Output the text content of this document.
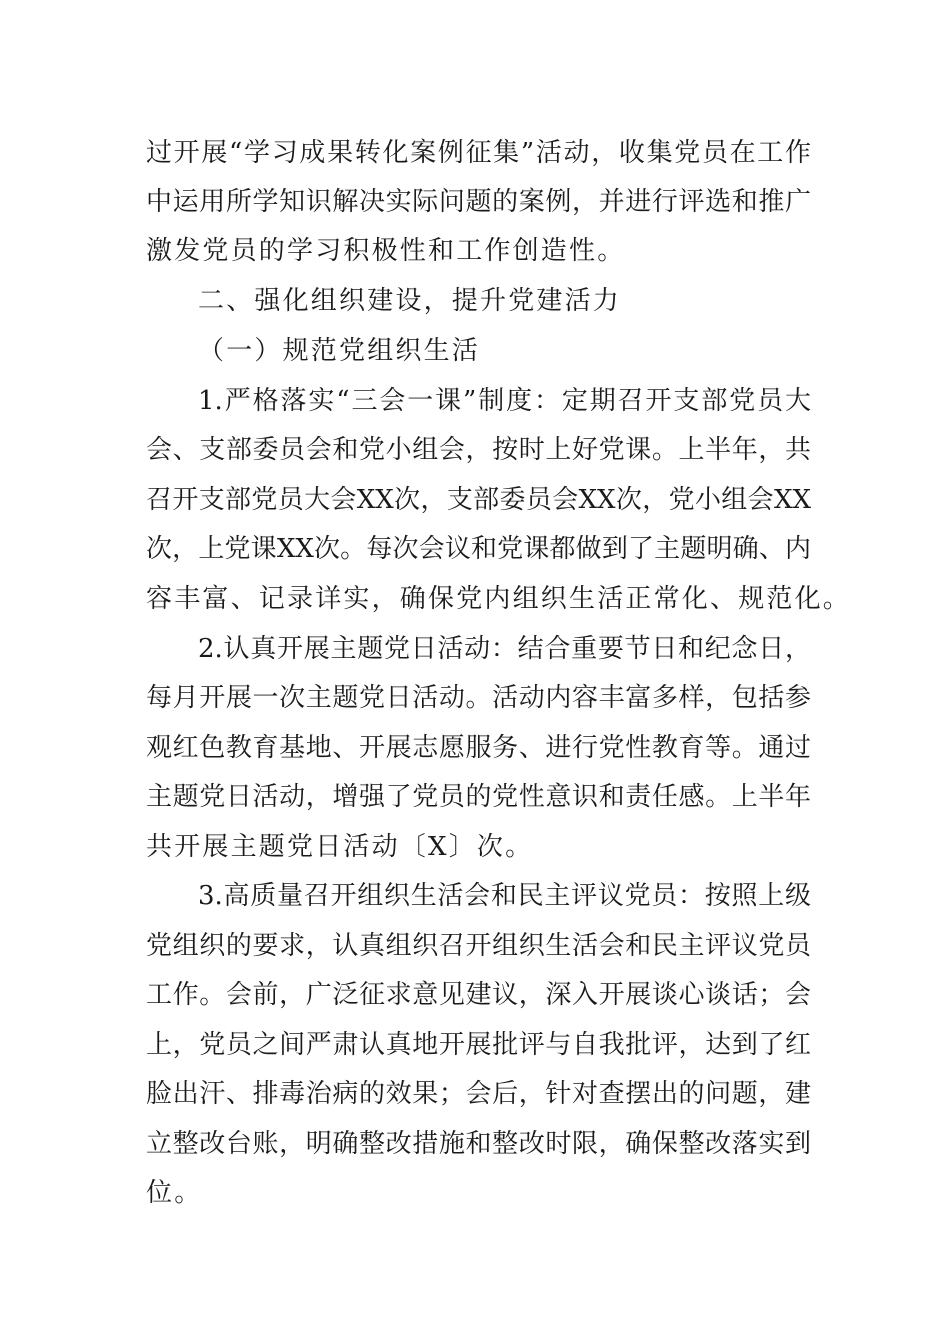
过开展“学习成果转化案例征集”活动，收集党员在工作
中运用所学知识解决实际问题的案例，并进行评选和推广
激发党员的学习积极性和工作创造性。
二、强化组织建设，提升党建活力
（一）规范党组织生活
1.严格落实“三会一课”制度：定期召开支部党员大
会、支部委员会和党小组会，按时上好党课。上半年，共
召开支部党员大会XX次，支部委员会XX次，党小组会XX
次，上党课XX次。每次会议和党课都做到了主题明确、内
容丰富、记录详实，确保党内组织生活正常化、规范化。
2.认真开展主题党日活动：结合重要节日和纪念日，
每月开展一次主题党日活动。活动内容丰富多样，包括参
观红色教育基地、开展志愿服务、进行党性教育等。通过
主题党日活动，增强了党员的党性意识和责任感。上半年
共开展主题党日活动〔X〕次。
3.高质量召开组织生活会和民主评议党员：按照上级
党组织的要求，认真组织召开组织生活会和民主评议党员
工作。会前，广泛征求意见建议，深入开展谈心谈话；会
上，党员之间严肃认真地开展批评与自我批评，达到了红
脸出汗、排毒治病的效果；会后，针对查摆出的问题，建
立整改台账，明确整改措施和整改时限，确保整改落实到
位。
